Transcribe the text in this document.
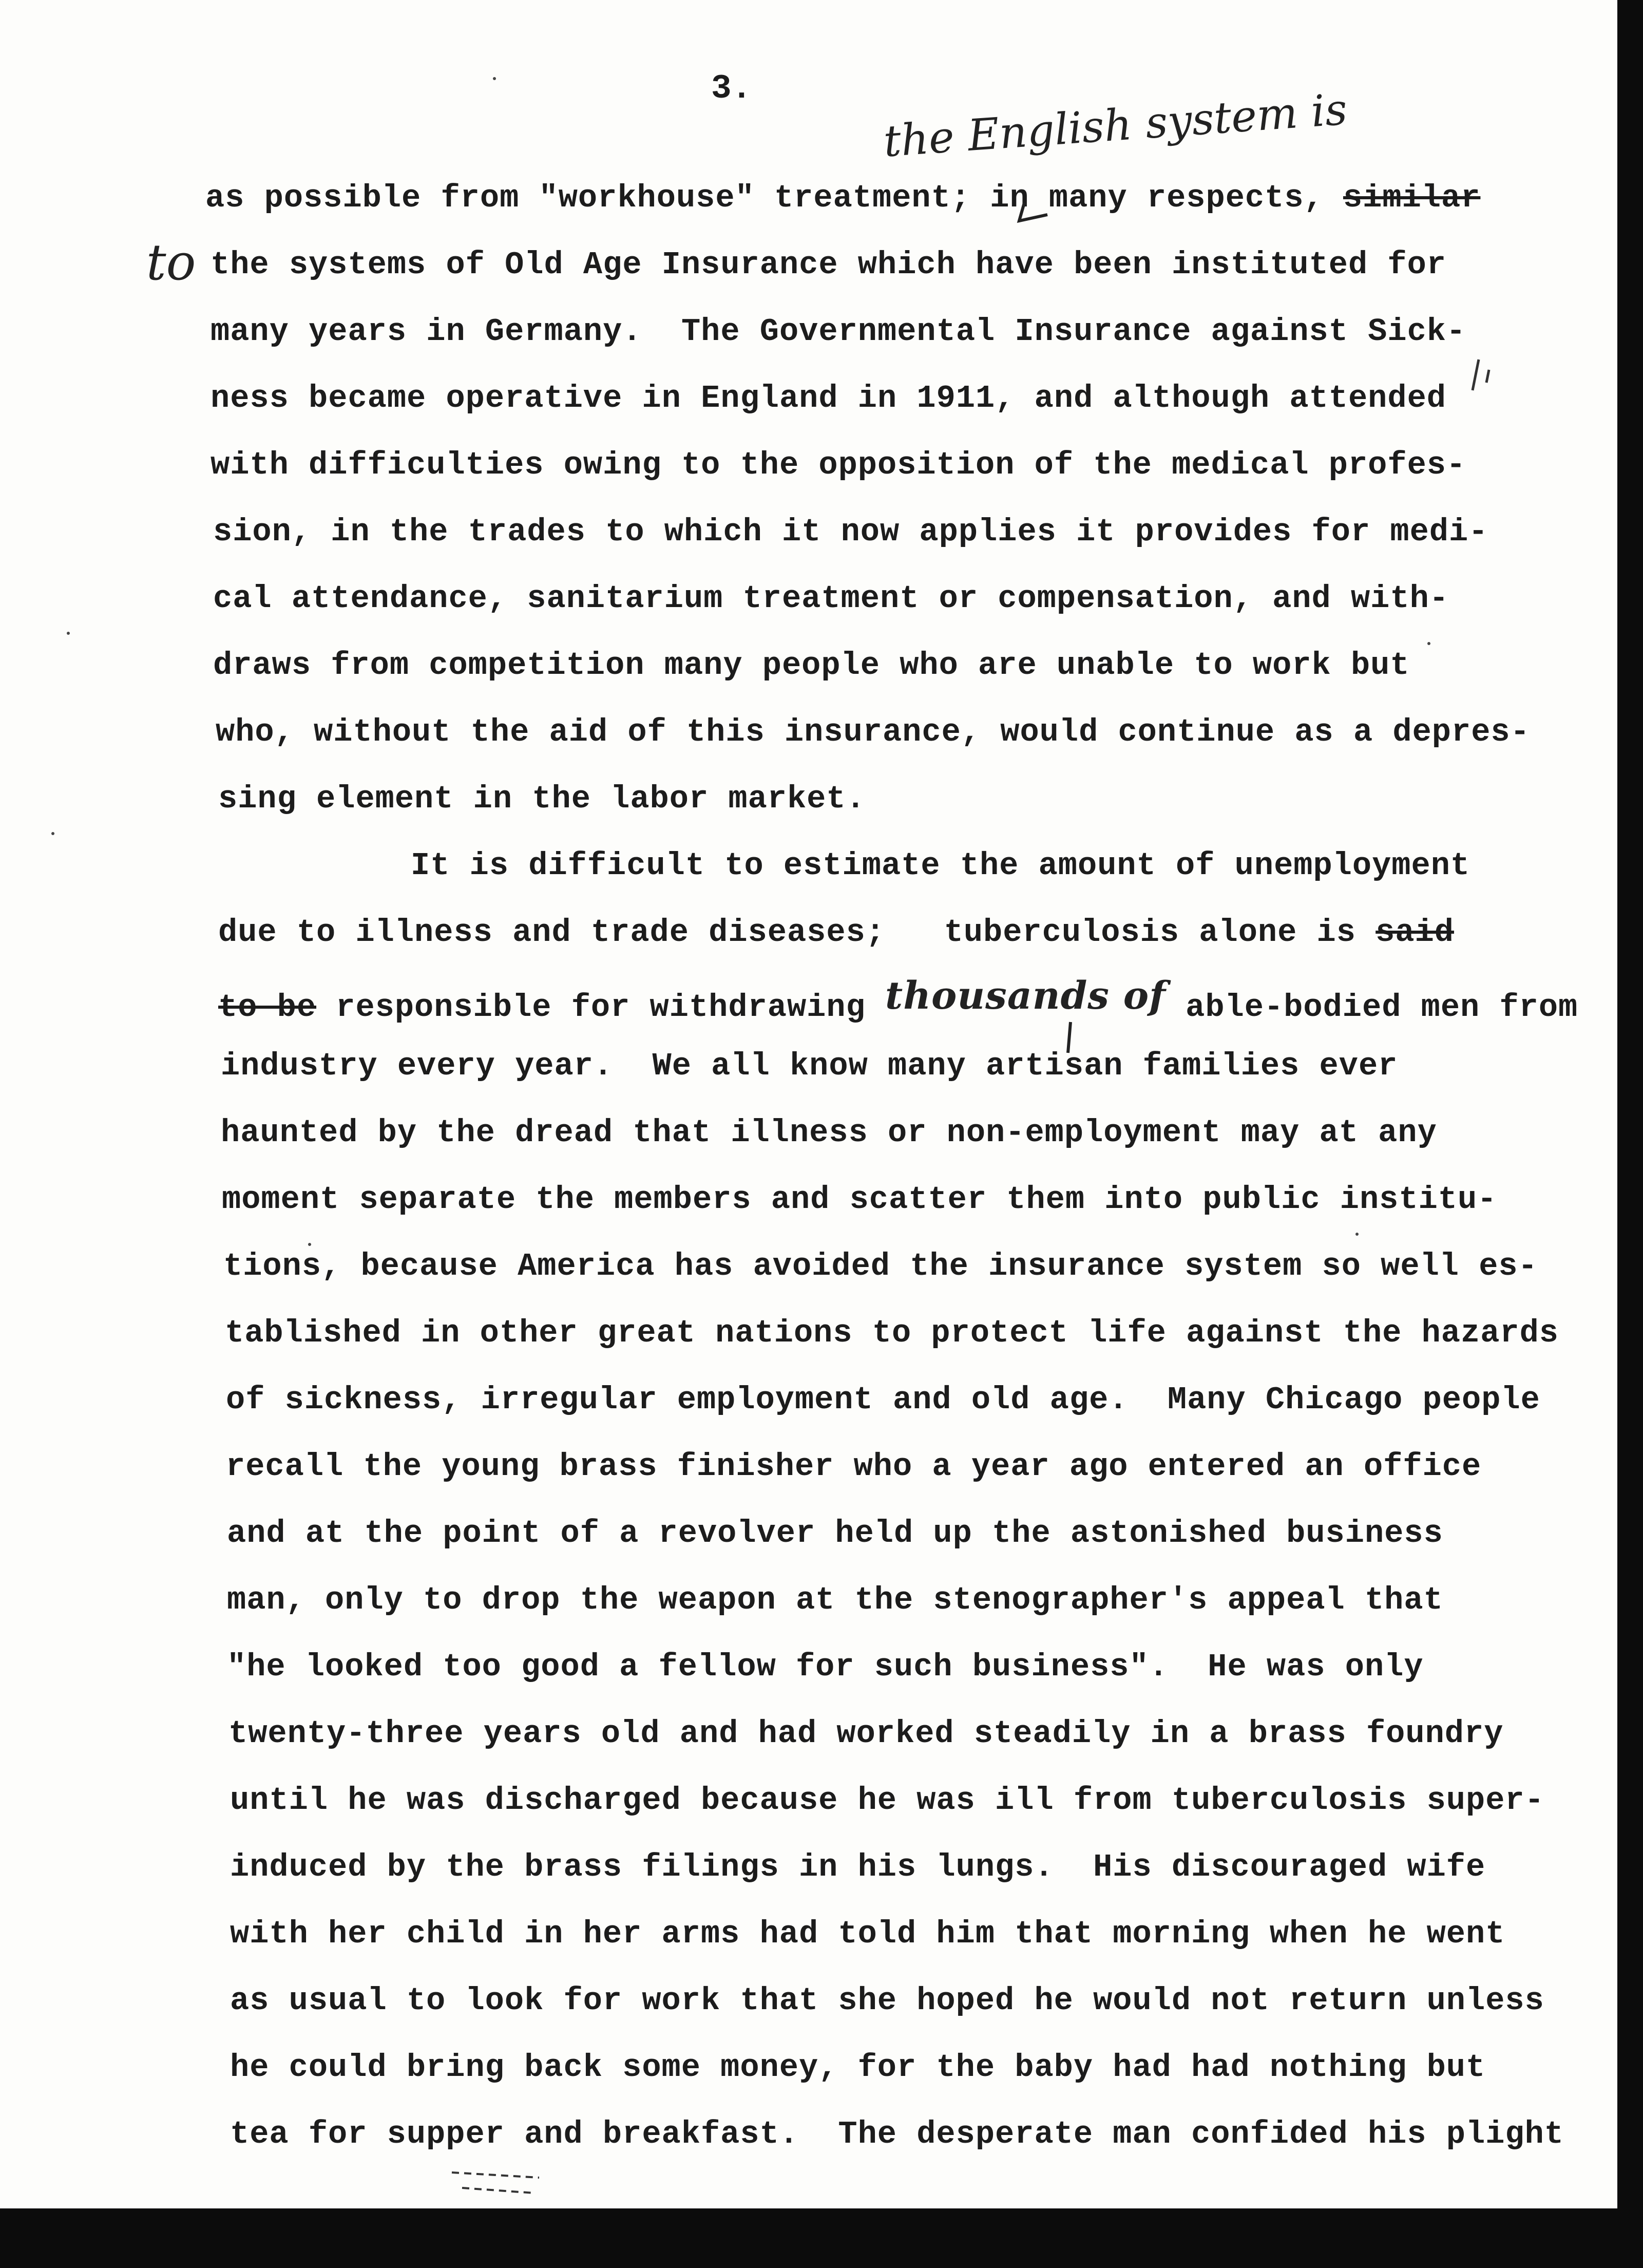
3.	the English system is
to
as possible from "workhouse" treatment; in many respects, similar
the systems of Old Age Insurance which have been instituted for
many years in Germany.  The Governmental Insurance against Sick-
ness became operative in England in 1911, and although attended
with difficulties owing to the opposition of the medical profes-
sion, in the trades to which it now applies it provides for medi-
cal attendance, sanitarium treatment or compensation, and with-
draws from competition many people who are unable to work but
who, without the aid of this insurance, would continue as a depres-
sing element in the labor market.
It is difficult to estimate the amount of unemployment
due to illness and trade diseases;   tuberculosis alone is said
to be responsible for withdrawing thousands of able-bodied men from
industry every year.  We all know many artisan families ever
haunted by the dread that illness or non-employment may at any
moment separate the members and scatter them into public institu-
tions, because America has avoided the insurance system so well es-
tablished in other great nations to protect life against the hazards
of sickness, irregular employment and old age.  Many Chicago people
recall the young brass finisher who a year ago entered an office
and at the point of a revolver held up the astonished business
man, only to drop the weapon at the stenographer's appeal that
"he looked too good a fellow for such business".  He was only
twenty-three years old and had worked steadily in a brass foundry
until he was discharged because he was ill from tuberculosis super-
induced by the brass filings in his lungs.  His discouraged wife
with her child in her arms had told him that morning when he went
as usual to look for work that she hoped he would not return unless
he could bring back some money, for the baby had had nothing but
tea for supper and breakfast.  The desperate man confided his plight
